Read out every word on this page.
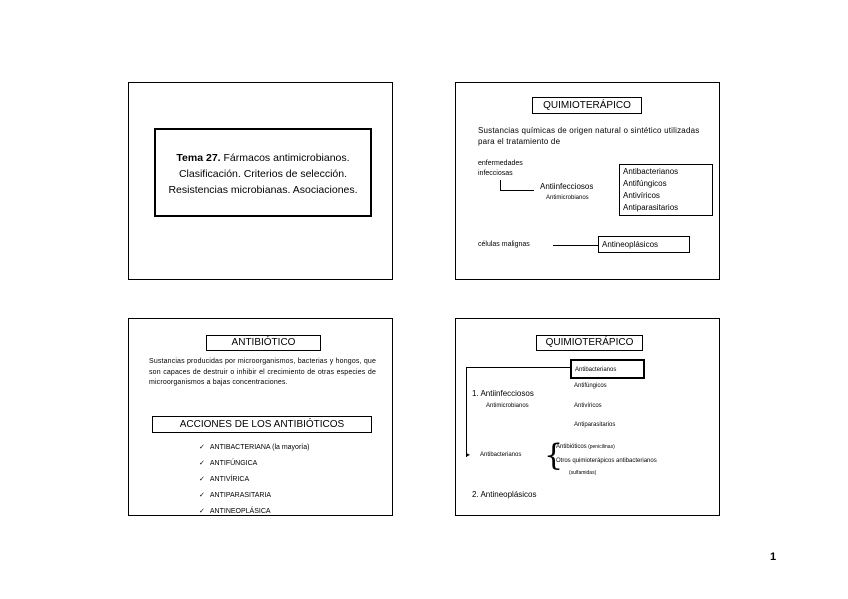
Tema 27. Fármacos antimicrobianos.
Clasificación. Criterios de selección.
Resistencias microbianas. Asociaciones.
QUIMIOTERÁPICO
Sustancias químicas de origen natural o sintético utilizadas para el tratamiento de
enfermedades
infecciosas
Antiinfecciosos
Antimicrobianos
Antibacterianos
Antifúngicos
Antivíricos
Antiparasitarios
células malignas	Antineoplásicos
ANTIBIÓTICO
Sustancias producidas por microorganismos, bacterias y hongos, que son capaces de destruir o inhibir el crecimiento de otras especies de microorganismos a bajas concentraciones.
ACCIONES DE LOS ANTIBIÓTICOS
✓ ANTIBACTERIANA (la mayoría)
✓ ANTIFÚNGICA
✓ ANTIVÍRICA
✓ ANTIPARASITARIA
✓ ANTINEOPLÁSICA
QUIMIOTERÁPICO
▸
Antibacterianos
1. Antiinfecciosos
Antimicrobianos
Antifúngicos
Antivíricos
Antiparasitarios
Antibacterianos {
Antibióticos (penicilinas)
Otros quimioterápicos antibacterianos
(sulfamidas)
2. Antineoplásicos
1
